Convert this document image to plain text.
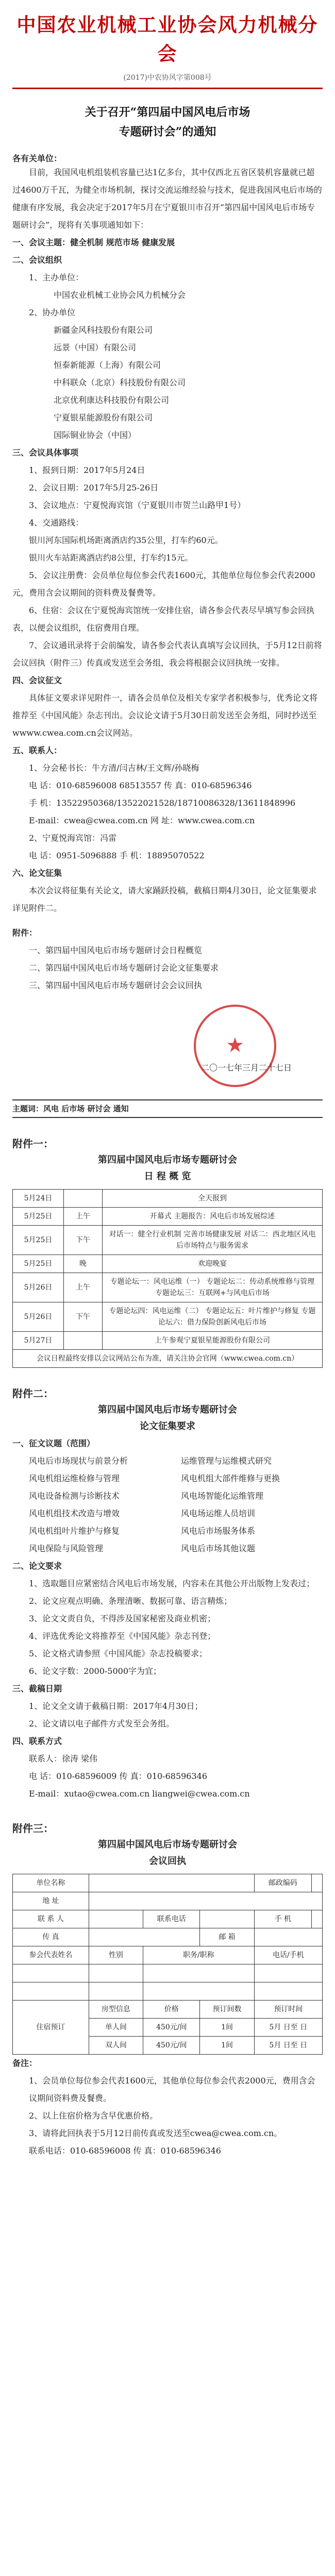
中国农业机械工业协会风力机械分会
(2017)中农协风字第008号
关于召开“第四届中国风电后市场
专题研讨会”的通知
各有关单位：

目前，我国风电机组装机容量已达1亿多台，其中仅西北五省区装机容量就已超过4600万千瓦，为健全市场机制，探讨交流运维经验与技术，促进我国风电后市场的健康有序发展，我会决定于2017年5月在宁夏银川市召开“第四届中国风电后市场专题研讨会”，现将有关事项通知如下：

一、会议主题：健全机制 规范市场 健康发展

二、会议组织

1、主办单位：
中国农业机械工业协会风力机械分会
2、协办单位
新疆金风科技股份有限公司
远景（中国）有限公司
恒泰新能源（上海）有限公司
中科联众（北京）科技股份有限公司
北京优利康达科技股份有限公司
宁夏银星能源股份有限公司
国际铜业协会（中国）

三、会议具体事项

1、报到日期：2017年5月24日
2、会议日期：2017年5月25-26日
3、会议地点：宁夏悦海宾馆（宁夏银川市贺兰山路甲1号）
4、交通路线：
银川河东国际机场距离酒店约35公里，打车约60元。
银川火车站距离酒店约8公里，打车约15元。

5、会议注册费：会员单位每位参会代表1600元，其他单位每位参会代表2000元，费用含会议期间的资料费及餐费等。

6、住宿：会议在宁夏悦海宾馆统一安排住宿，请各参会代表尽早填写参会回执表，以便会议组织，住宿费用自理。

7、会议通讯录将于会前编发，请各参会代表认真填写会议回执，于5月12日前将会议回执（附件三）传真或发送至会务组，我会将根据会议回执统一安排。

四、会议征文

具体征文要求详见附件一，请各会员单位及相关专家学者积极参与，优秀论文将推荐至《中国风能》杂志刊出。会议论文请于5月30日前发送至会务组，同时抄送至wwww.cwea.com.cn会议网站。

五、联系人：

1、分会秘书长：牛方清/闫吉林/王文辉/孙晓梅
电 话：010-68596008 68513557 传 真：010-68596346
手 机：13522950368/13522021528/18710086328/13611848996
E-mail：cwea@cwea.com.cn 网 址：www.cwea.com.cn
2、宁夏悦海宾馆：冯雷
电 话：0951-5096888 手 机：18895070522

六、论文征集

本次会议将征集有关论文，请大家踊跃投稿，截稿日期4月30日，论文征集要求详见附件二。

附件：

一、第四届中国风电后市场专题研讨会日程概览
二、第四届中国风电后市场专题研讨会论文征集要求
三、第四届中国风电后市场专题研讨会会议回执
★
二〇一七年三月二十七日
主题词：风电 后市场 研讨会 通知
附件一：
第四届中国风电后市场专题研讨会
日 程 概 览
5月24日		全天报到
5月25日	上午	开幕式 主题报告：风电后市场发展综述
5月25日	下午	对话一：健全行业机制 完善市场健康发展 对话二：西北地区风电后市场特点与服务需求
5月25日	晚	欢迎晚宴
5月26日	上午	专题论坛一：风电运维（一） 专题论坛二：传动系统维修与管理 专题论坛三：互联网+与风电后市场
5月26日	下午	专题论坛四：风电运维（二） 专题论坛五：叶片维护与修复 专题论坛六：借力保险创新风电后市场
5月27日		上午参观宁夏银星能源股份有限公司
会议日程最终安排以会议网站公布为准，请关注协会官网（www.cwea.com.cn）		
附件二：
第四届中国风电后市场专题研讨会
论文征集要求

一、征文议题（范围）

风电后市场现状与前景分析	运维管理与运维模式研究
风电机组运维检修与管理	风电机组大部件维修与更换
风电设备检测与诊断技术	风电场智能化运维管理
风电机组技术改造与增效	风电场运维人员培训
风电机组叶片维护与修复	风电后市场服务体系
风电保险与风险管理	风电后市场其他议题

二、论文要求

1、选取题目应紧密结合风电后市场发展，内容未在其他公开出版物上发表过；
2、论文应观点明确、条理清晰、数据可靠、语言精炼；
3、论文文责自负，不得涉及国家秘密及商业机密；
4、评选优秀论文将推荐至《中国风能》杂志刊登；
5、论文格式请参照《中国风能》杂志投稿要求；
6、论文字数：2000-5000字为宜；

三、截稿日期

1、论文全文请于截稿日期：2017年4月30日；
2、论文请以电子邮件方式发至会务组。

四、联系方式

联系人：徐涛 梁伟
电 话：010-68596009 传 真：010-68596346
E-mail：xutao@cwea.com.cn liangwei@cwea.com.cn
附件三：
第四届中国风电后市场专题研讨会
会议回执
单位名称				邮政编码	
地 址					
联 系 人		联系电话		手 机	
传 真			邮 箱		
参会代表姓名	性别	职务/职称		电话/手机	

住宿预订	房型信息	价格	预订间数	预订时间	
	单人间	450元/间	1间	5月 日至 日	
	双人间	450元/间	1间	5月 日至 日	

备注：

1、会员单位每位参会代表1600元，其他单位每位参会代表2000元，费用含会议期间资料费及餐费。
2、以上住宿价格为含早优惠价格。
3、请将此回执表于5月12日前传真或发送至cwea@cwea.com.cn。
联系电话：010-68596008 传 真：010-68596346
